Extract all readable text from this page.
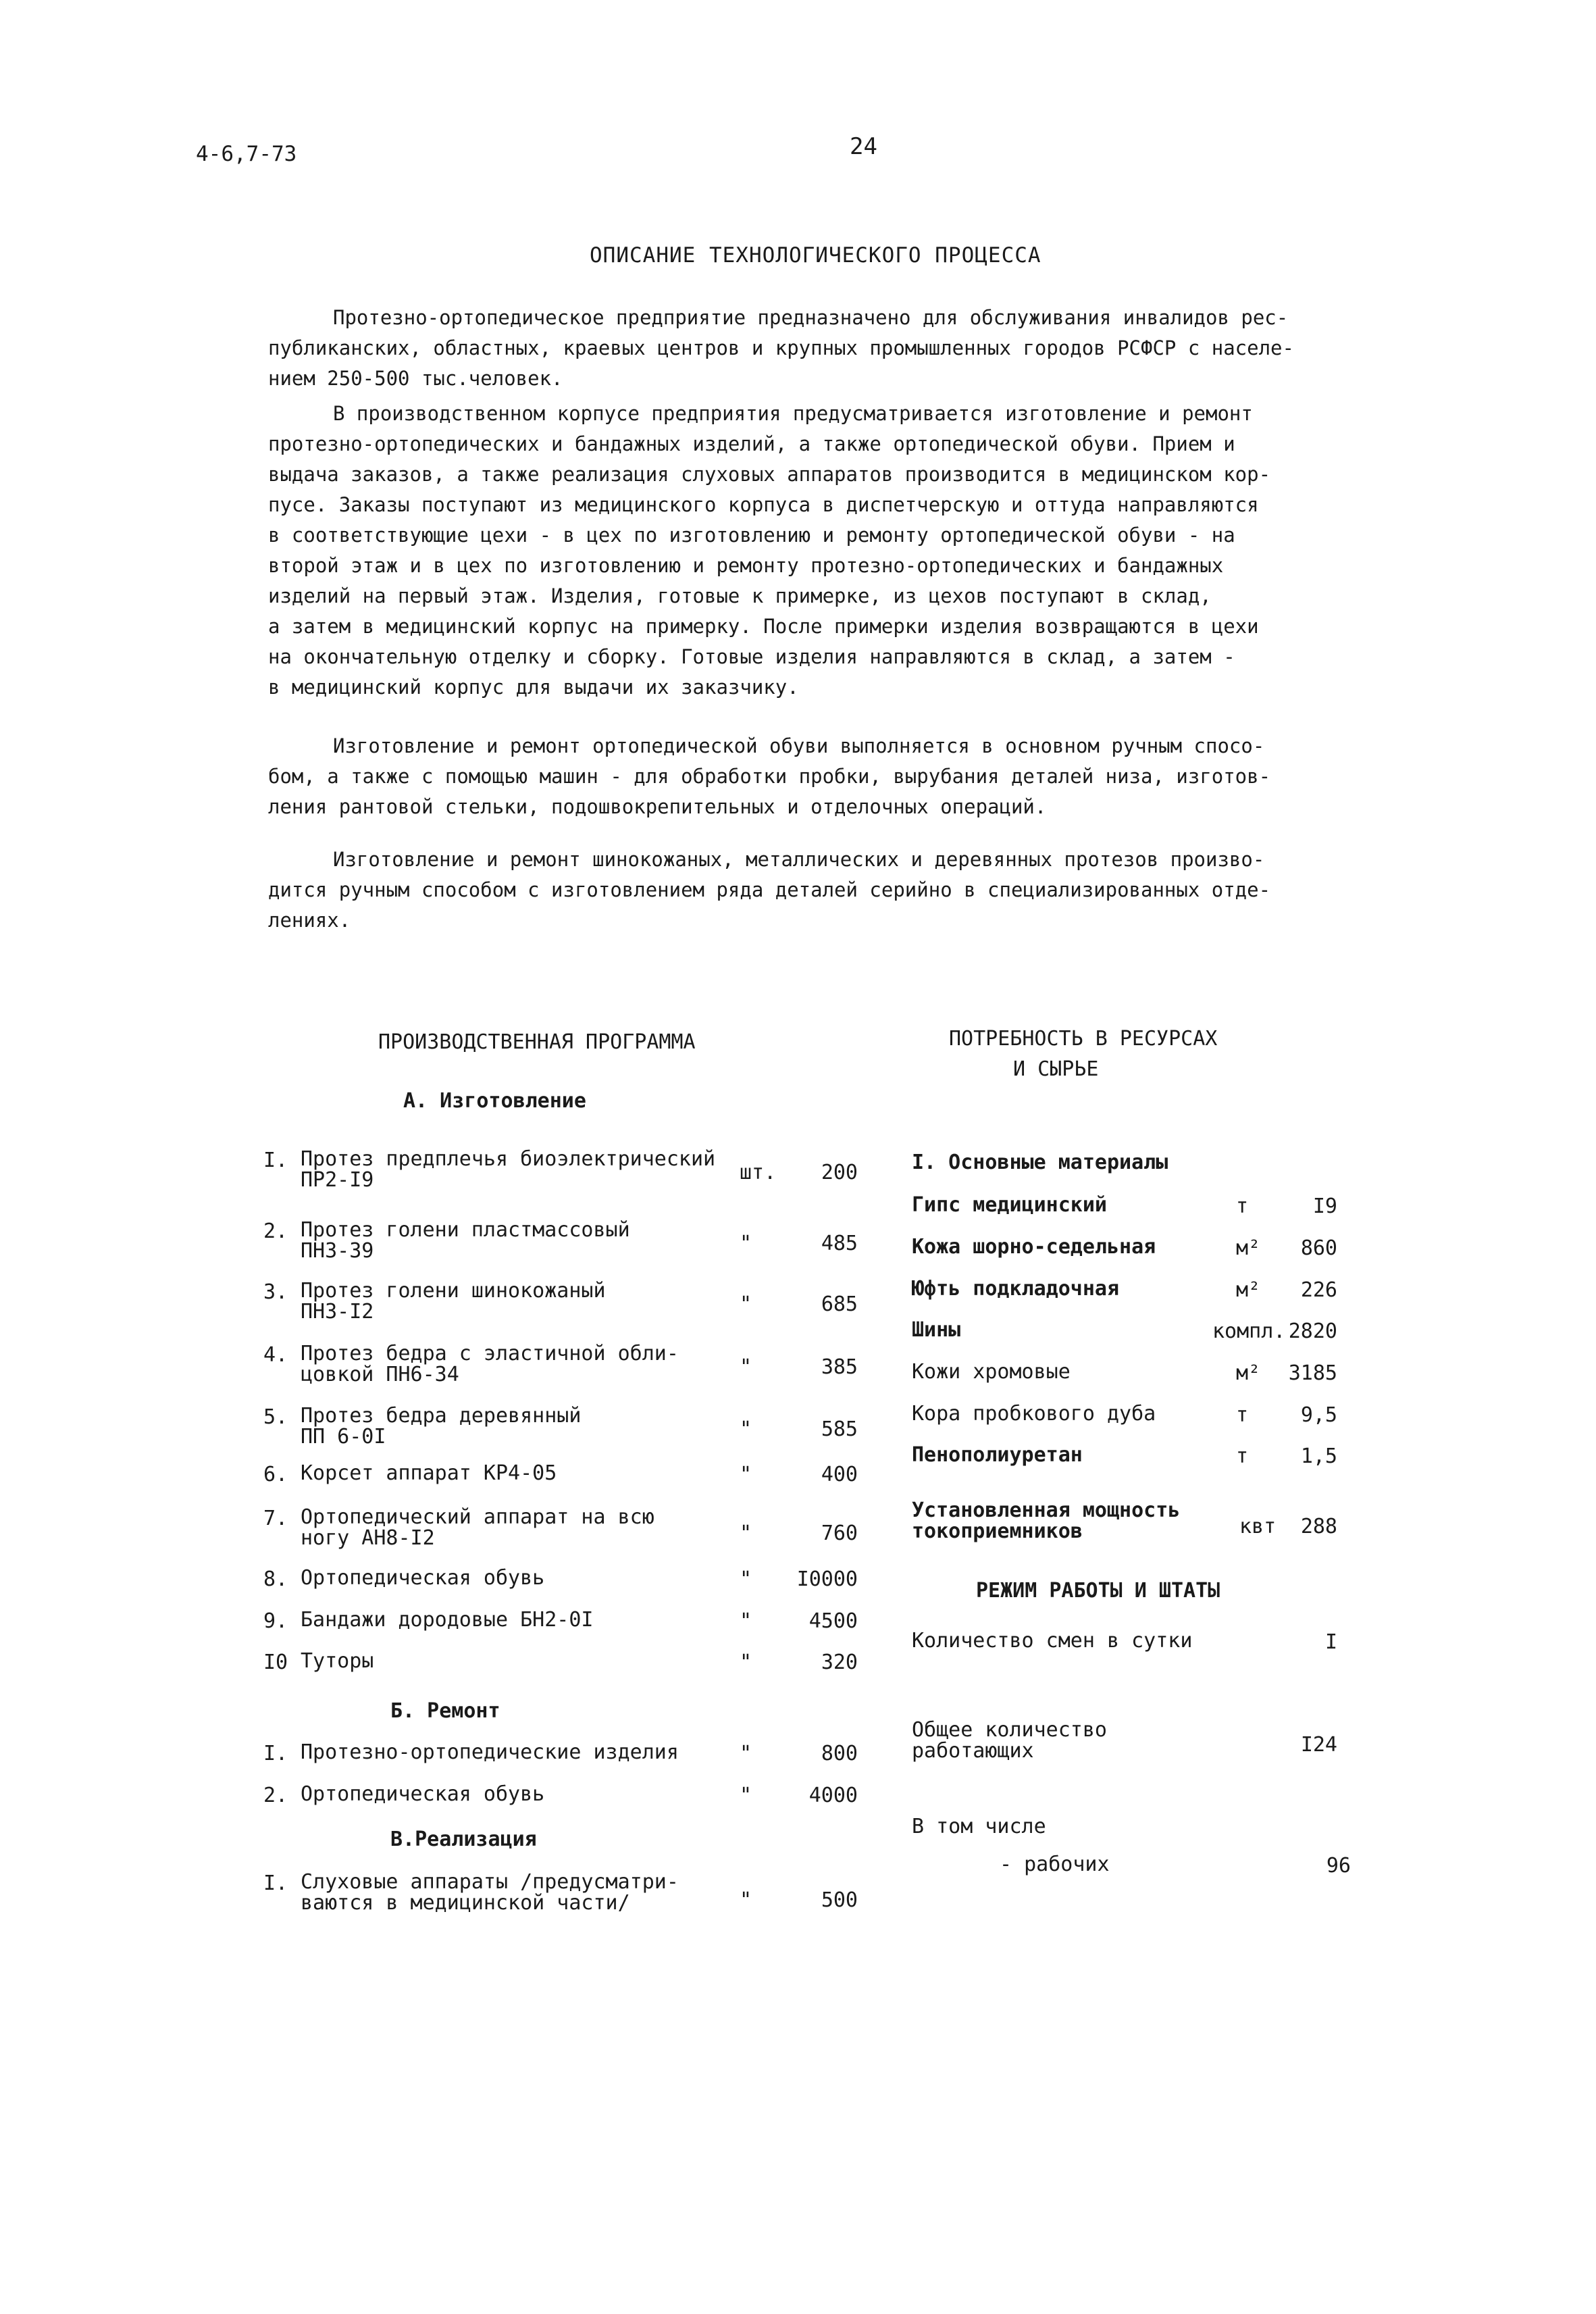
4-6,7-73	24
ОПИСАНИЕ ТЕХНОЛОГИЧЕСКОГО ПРОЦЕССА
Протезно-ортопедическое предприятие предназначено для обслуживания инвалидов рес-
публиканских, областных, краевых центров и крупных промышленных городов РСФСР с населе-
нием 250-500 тыс.человек.
В производственном корпусе предприятия предусматривается изготовление и ремонт
протезно-ортопедических и бандажных изделий, а также ортопедической обуви. Прием и
выдача заказов, а также реализация слуховых аппаратов производится в медицинском кор-
пусе. Заказы поступают из медицинского корпуса в диспетчерскую и оттуда направляются
в соответствующие цехи - в цех по изготовлению и ремонту ортопедической обуви - на
второй этаж и в цех по изготовлению и ремонту протезно-ортопедических и бандажных
изделий на первый этаж. Изделия, готовые к примерке, из цехов поступают в склад,
а затем в медицинский корпус на примерку. После примерки изделия возвращаются в цехи
на окончательную отделку и сборку. Готовые изделия направляются в склад, а затем -
в медицинский корпус для выдачи их заказчику.
Изготовление и ремонт ортопедической обуви выполняется в основном ручным спосо-
бом, а также с помощью машин - для обработки пробки, вырубания деталей низа, изготов-
ления рантовой стельки, подошвокрепительных и отделочных операций.
Изготовление и ремонт шинокожаных, металлических и деревянных протезов произво-
дится ручным способом с изготовлением ряда деталей серийно в специализированных отде-
лениях.
ПРОИЗВОДСТВЕННАЯ ПРОГРАММА
А. Изготовление
I. Протез предплечья биоэлектрический
ПР2-I9	шт.	200
2. Протез голени пластмассовый
ПН3-39	"	485
3. Протез голени шинокожаный
ПН3-I2	"	685
4. Протез бедра с эластичной обли-
цовкой ПН6-34	"	385
5. Протез бедра деревянный
ПП 6-0I	"	585
6. Корсет аппарат КР4-05	"	400
7. Ортопедический аппарат на всю
ногу АН8-I2	"	760
8. Ортопедическая обувь	"	I0000
9. Бандажи дородовые БН2-0I	"	4500
I0 Туторы	"	320
Б. Ремонт
I. Протезно-ортопедические изделия	"	800
2. Ортопедическая обувь	"	4000
В.Реализация
I. Слуховые аппараты /предусматри-
ваются в медицинской части/	"	500
ПОТРЕБНОСТЬ В РЕСУРСАХ
И СЫРЬЕ
I. Основные материалы
Гипс медицинский	т	I9
Кожа шорно-седельная	м²	860
Юфть подкладочная	м²	226
Шины	компл. 2820
Кожи хромовые	м²	3185
Кора пробкового дуба	т	9,5
Пенополиуретан	т	1,5
Установленная мощность
токоприемников	квт	288
РЕЖИМ РАБОТЫ И ШТАТЫ
Количество смен в сутки	I
Общее количество
работающих	I24
В том числе
- рабочих	96
